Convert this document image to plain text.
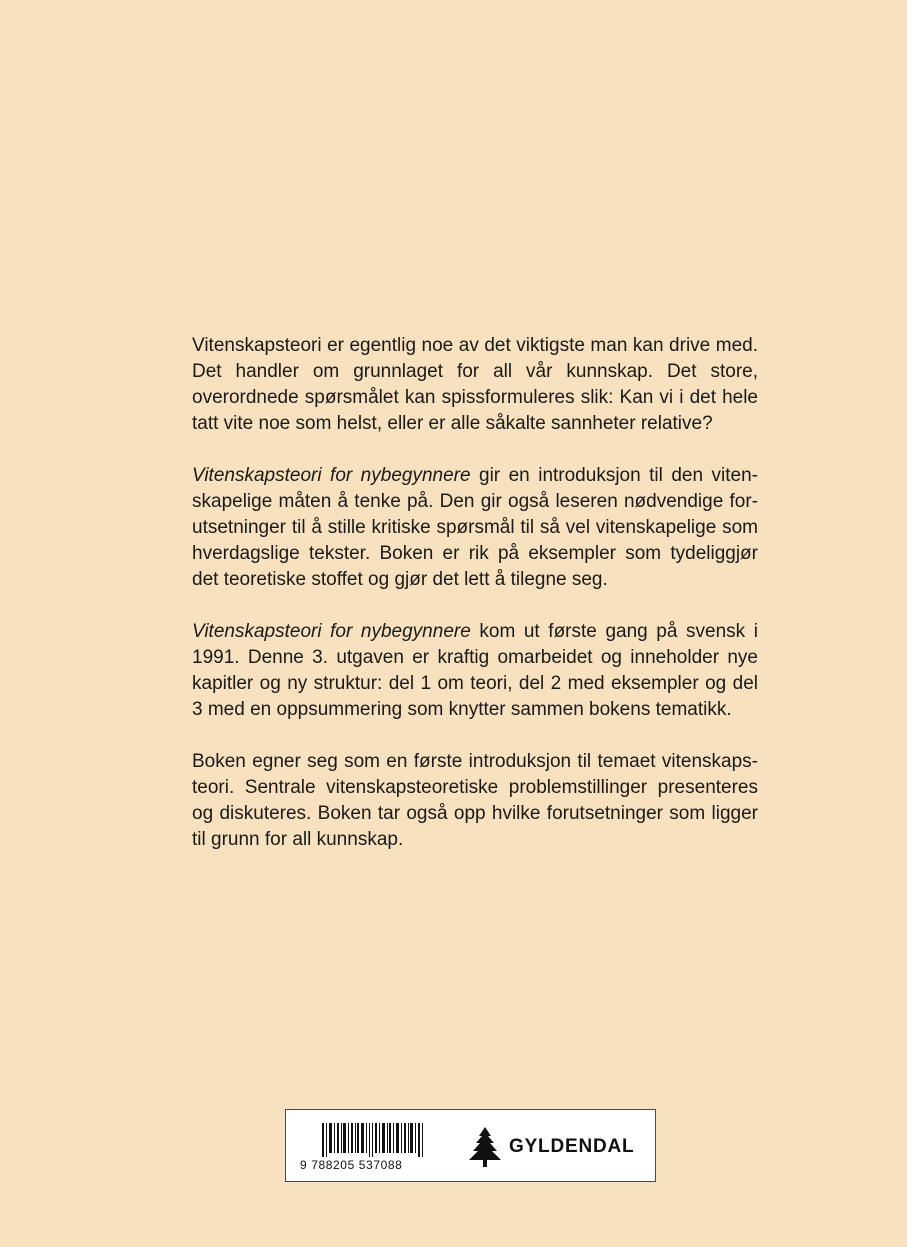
Vitenskapsteori er egentlig noe av det viktigste man kan drive med. Det handler om grunnlaget for all vår kunnskap. Det store, overordnede spørsmålet kan spissformuleres slik: Kan vi i det hele tatt vite noe som helst, eller er alle såkalte sannheter relative?

Vitenskapsteori for nybegynnere gir en introduksjon til den vitenskapelige måten å tenke på. Den gir også leseren nødvendige forutsetninger til å stille kritiske spørsmål til så vel vitenskapelige som hverdagslige tekster. Boken er rik på eksempler som tydeliggjør det teoretiske stoffet og gjør det lett å tilegne seg.

Vitenskapsteori for nybegynnere kom ut første gang på svensk i 1991. Denne 3. utgaven er kraftig omarbeidet og inneholder nye kapitler og ny struktur: del 1 om teori, del 2 med eksempler og del 3 med en oppsummering som knytter sammen bokens tematikk.

Boken egner seg som en første introduksjon til temaet vitenskapsteori. Sentrale vitenskapsteoretiske problemstillinger presenteres og diskuteres. Boken tar også opp hvilke forutsetninger som ligger til grunn for all kunnskap.

9 788205 537088
GYLDENDAL
